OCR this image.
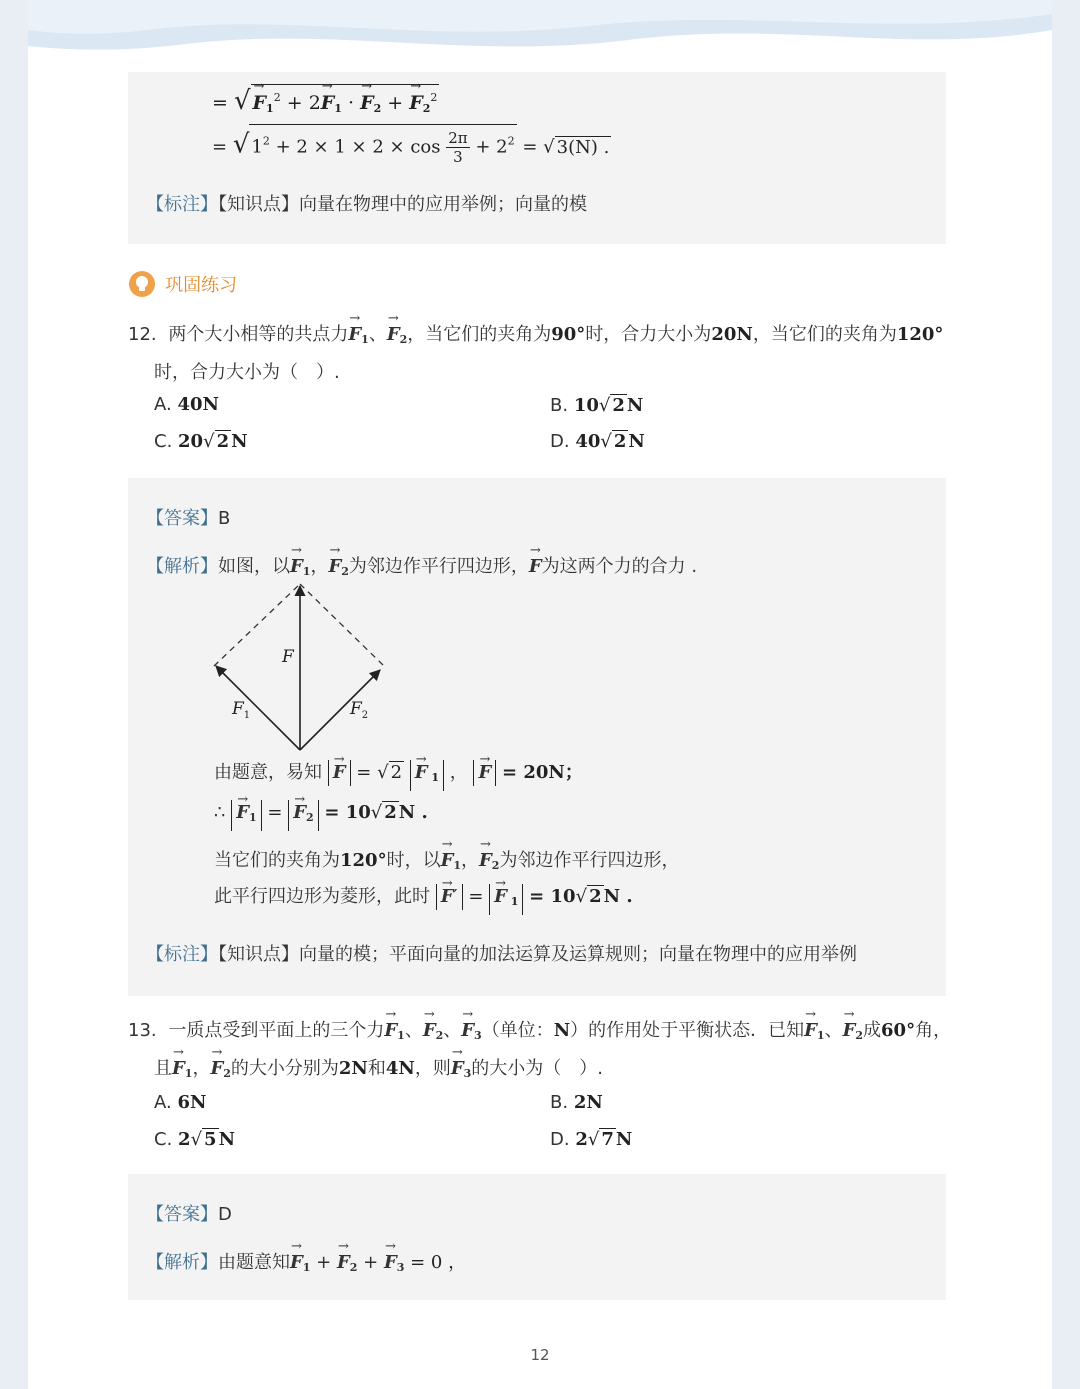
= √ → $F_1^2 + 2\to F_1$ · → $F_2$ + → $F_2^2$
= $√1^2 + 2 \times 1 \times 2 \times \cos \frac{2\pi}{3} + 2^2$ = √ 3(N) .
【标注】【知识点】向量在物理中的应用举例；向量的模
巩固练习
12. 两个大小相等的共点力→ $F_1$、→ $F_2$，当它们的夹角为90°时，合力大小为20N，当它们的夹角为120°
时，合力大小为（　）.
A. 40N	B. 10√ 2 N
C. 20√ 2 N	D. 40√ 2 N
【答案】B
【解析】如图，以→ $F_1$，→ $F_2$为邻边作平行四边形，→ F为这两个力的合力 .
F
$F_1$	$F_2$
由题意，易知 → F = √ 2 → F $_1$ ， → F = 20N；
∴ → $F_1$ = → $F_2 = 10√$ 2 N .
当它们的夹角为120°时，以→ $F_1$，→ $F_2$为邻边作平行四边形，
此平行四边形为菱形，此时 → F′ = → F $_1$ = 10√ 2 N .
【标注】【知识点】向量的模；平面向量的加法运算及运算规则；向量在物理中的应用举例
13. 一质点受到平面上的三个力→ $F_1$、→ $F_2$、→ $F_3$（单位：N）的作用处于平衡状态．已知→ $F_1$、→ $F_2$成60°角，
且→ $F_1$，→ $F_2$的大小分别为2N和4N，则→ $F_3$的大小为（　）.
A. 6N	B. 2N
C. 2√ 5 N	D. 2√ 7 N
【答案】D
【解析】由题意知→ $F_1$ + → $F_2$ + → $F_3 = 0$ ，
12
